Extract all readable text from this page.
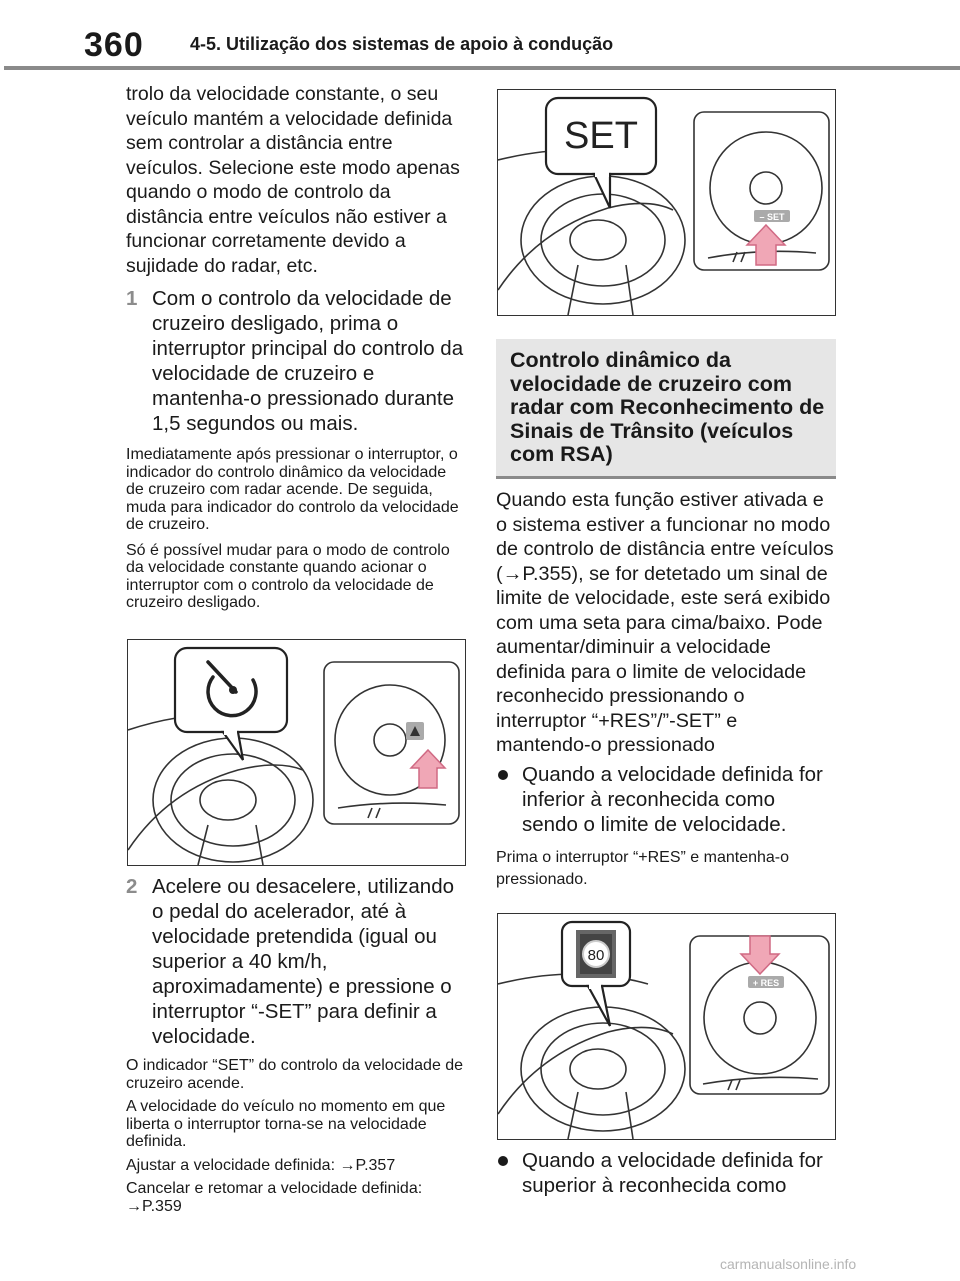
360	4-5. Utilização dos sistemas de apoio à condução

trolo da velocidade constante, o seu veículo mantém a velocidade definida sem controlar a distância entre veículos. Selecione este modo apenas quando o modo de controlo da distância entre veículos não estiver a funcionar corretamente devido a sujidade do radar, etc.

1 Com o controlo da velocidade de cruzeiro desligado, prima o interruptor principal do controlo da velocidade de cruzeiro e mantenha-o pressionado durante 1,5 segundos ou mais.

Imediatamente após pressionar o interruptor, o indicador do controlo dinâmico da velocidade de cruzeiro com radar acende. De seguida, muda para indicador do controlo da velocidade de cruzeiro.

Só é possível mudar para o modo de controlo da velocidade constante quando acionar o interruptor com o controlo da velocidade de cruzeiro desligado.

2 Acelere ou desacelere, utilizando o pedal do acelerador, até à velocidade pretendida (igual ou superior a 40 km/h, aproximadamente) e pressione o interruptor “-SET” para definir a velocidade.

O indicador “SET” do controlo da velocidade de cruzeiro acende.

A velocidade do veículo no momento em que liberta o interruptor torna-se na velocidade definida.

Ajustar a velocidade definida: →P.357

Cancelar e retomar a velocidade definida: →P.359

– SET
SET
Controlo dinâmico da velocidade de cruzeiro com radar com Reconhecimento de Sinais de Trânsito (veículos com RSA)

Quando esta função estiver ativada e o sistema estiver a funcionar no modo de controlo de distância entre veículos (→P.355), se for detetado um sinal de limite de velocidade, este será exibido com uma seta para cima/baixo. Pode aumentar/diminuir a velocidade definida para o limite de velocidade reconhecido pressionando o interruptor “+RES”/”-SET” e mantendo-o pressionado

Quando a velocidade definida for inferior à reconhecida como sendo o limite de velocidade.

Prima o interruptor “+RES” e mantenha-o pressionado.

+ RES
80
Quando a velocidade definida for superior à reconhecida como
carmanualsonline.info
